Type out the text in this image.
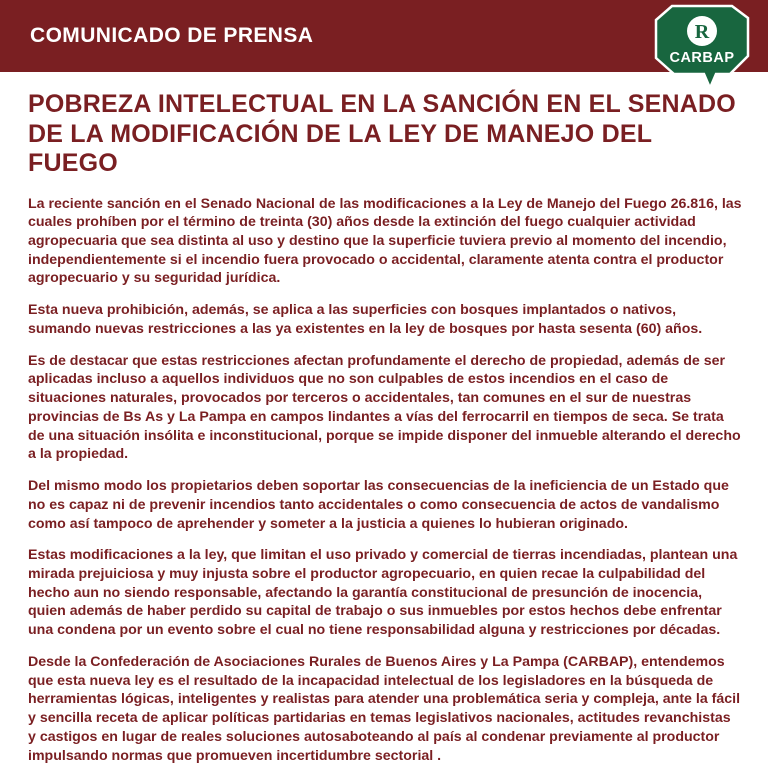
COMUNICADO DE PRENSA	R
CARBAP
POBREZA INTELECTUAL EN LA SANCIÓN EN EL SENADO DE LA MODIFICACIÓN DE LA LEY DE MANEJO DEL FUEGO

La reciente sanción en el Senado Nacional de las modificaciones a la Ley de Manejo del Fuego 26.816, las cuales prohíben por el término de treinta (30) años desde la extinción del fuego cualquier actividad agropecuaria que sea distinta al uso y destino que la superficie tuviera previo al momento del incendio, independientemente si el incendio fuera provocado o accidental, claramente atenta contra el productor agropecuario y su seguridad jurídica.

Esta nueva prohibición, además, se aplica a las superficies con bosques implantados o nativos, sumando nuevas restricciones a las ya existentes en la ley de bosques por hasta sesenta (60) años.

Es de destacar que estas restricciones afectan profundamente el derecho de propiedad, además de ser aplicadas incluso a aquellos individuos que no son culpables de estos incendios en el caso de situaciones naturales, provocados por terceros o accidentales, tan comunes en el sur de nuestras provincias de Bs As y La Pampa en campos lindantes a vías del ferrocarril en tiempos de seca. Se trata de una situación insólita e inconstitucional, porque se impide disponer del inmueble alterando el derecho a la propiedad.

Del mismo modo los propietarios deben soportar las consecuencias de la ineficiencia de un Estado que no es capaz ni de prevenir incendios tanto accidentales o como consecuencia de actos de vandalismo como así tampoco de aprehender y someter a la justicia a quienes lo hubieran originado.

Estas modificaciones a la ley, que limitan el uso privado y comercial de tierras incendiadas, plantean una mirada prejuiciosa y muy injusta sobre el productor agropecuario, en quien recae la culpabilidad del hecho aun no siendo responsable, afectando la garantía constitucional de presunción de inocencia, quien además de haber perdido su capital de trabajo o sus inmuebles por estos hechos debe enfrentar una condena por un evento sobre el cual no tiene responsabilidad alguna y restricciones por décadas.

Desde la Confederación de Asociaciones Rurales de Buenos Aires y La Pampa (CARBAP), entendemos que esta nueva ley es el resultado de la incapacidad intelectual de los legisladores en la búsqueda de herramientas lógicas, inteligentes y realistas para atender una problemática seria y compleja, ante la fácil y sencilla receta de aplicar políticas partidarias en temas legislativos nacionales, actitudes revanchistas y castigos en lugar de reales soluciones autosaboteando al país al condenar previamente al productor impulsando normas que promueven incertidumbre sectorial .
